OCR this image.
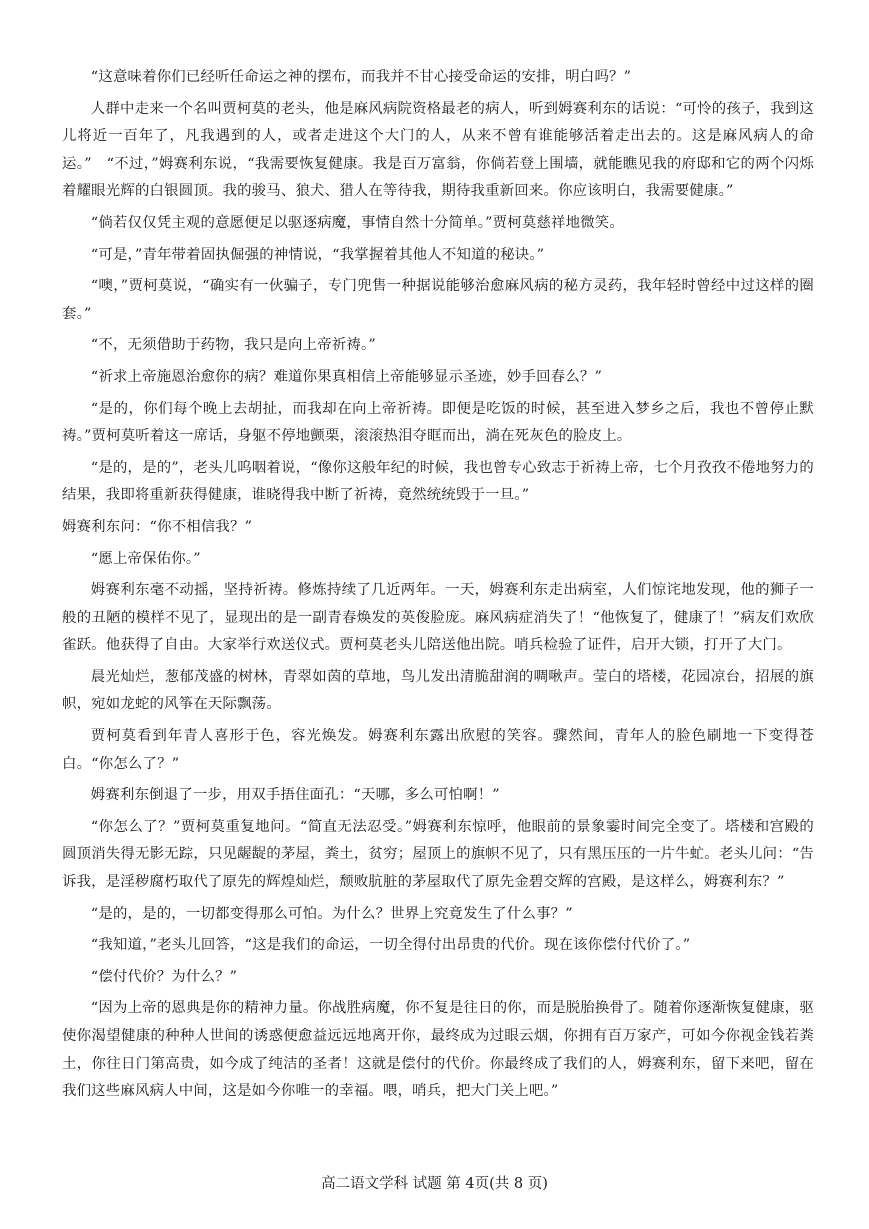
“这意味着你们已经听任命运之神的摆布，而我并不甘心接受命运的安排，明白吗？”

人群中走来一个名叫贾柯莫的老头，他是麻风病院资格最老的病人，听到姆赛利东的话说：“可怜的孩子，我到这儿将近一百年了，凡我遇到的人，或者走进这个大门的人，从来不曾有谁能够活着走出去的。这是麻风病人的命运。”　“不过，”姆赛利东说，“我需要恢复健康。我是百万富翁，你倘若登上围墙，就能瞧见我的府邸和它的两个闪烁着耀眼光辉的白银圆顶。我的骏马、狼犬、猎人在等待我，期待我重新回来。你应该明白，我需要健康。”

“倘若仅仅凭主观的意愿便足以驱逐病魔，事情自然十分简单。”贾柯莫慈祥地微笑。

“可是，”青年带着固执倔强的神情说，“我掌握着其他人不知道的秘诀。”

“噢，”贾柯莫说，“确实有一伙骗子，专门兜售一种据说能够治愈麻风病的秘方灵药，我年轻时曾经中过这样的圈套。”

“不，无须借助于药物，我只是向上帝祈祷。”

“祈求上帝施恩治愈你的病？难道你果真相信上帝能够显示圣迹，妙手回春么？”

“是的，你们每个晚上去胡扯，而我却在向上帝祈祷。即便是吃饭的时候，甚至进入梦乡之后，我也不曾停止默祷。”贾柯莫听着这一席话，身躯不停地颤栗，滚滚热泪夺眶而出，淌在死灰色的脸皮上。

“是的，是的”，老头儿呜咽着说，“像你这般年纪的时候，我也曾专心致志于祈祷上帝，七个月孜孜不倦地努力的结果，我即将重新获得健康，谁晓得我中断了祈祷，竟然统统毁于一旦。”

姆赛利东问：“你不相信我？”

“愿上帝保佑你。”

姆赛利东毫不动摇，坚持祈祷。修炼持续了几近两年。一天，姆赛利东走出病室，人们惊诧地发现，他的狮子一般的丑陋的模样不见了，显现出的是一副青春焕发的英俊脸庞。麻风病症消失了！“他恢复了，健康了！”病友们欢欣雀跃。他获得了自由。大家举行欢送仪式。贾柯莫老头儿陪送他出院。哨兵检验了证件，启开大锁，打开了大门。

晨光灿烂，葱郁茂盛的树林，青翠如茵的草地，鸟儿发出清脆甜润的啁啾声。莹白的塔楼，花园凉台，招展的旗帜，宛如龙蛇的风筝在天际飘荡。

贾柯莫看到年青人喜形于色，容光焕发。姆赛利东露出欣慰的笑容。骤然间，青年人的脸色刷地一下变得苍白。“你怎么了？”

姆赛利东倒退了一步，用双手捂住面孔：“天哪，多么可怕啊！”

“你怎么了？”贾柯莫重复地问。“简直无法忍受。”姆赛利东惊呼，他眼前的景象霎时间完全变了。塔楼和宫殿的圆顶消失得无影无踪，只见龌龊的茅屋，粪土，贫穷；屋顶上的旗帜不见了，只有黑压压的一片牛虻。老头儿问：“告诉我，是淫秽腐朽取代了原先的辉煌灿烂，颓败肮脏的茅屋取代了原先金碧交辉的宫殿，是这样么，姆赛利东？”

“是的，是的，一切都变得那么可怕。为什么？世界上究竟发生了什么事？”

“我知道，”老头儿回答，“这是我们的命运，一切全得付出昂贵的代价。现在该你偿付代价了。”

“偿付代价？为什么？”

“因为上帝的恩典是你的精神力量。你战胜病魔，你不复是往日的你，而是脱胎换骨了。随着你逐渐恢复健康，驱使你渴望健康的种种人世间的诱惑便愈益远远地离开你，最终成为过眼云烟，你拥有百万家产，可如今你视金钱若粪土，你往日门第高贵，如今成了纯洁的圣者！这就是偿付的代价。你最终成了我们的人，姆赛利东，留下来吧，留在我们这些麻风病人中间，这是如今你唯一的幸福。喂，哨兵，把大门关上吧。”

高二语文学科 试题 第 4页(共 8 页)
